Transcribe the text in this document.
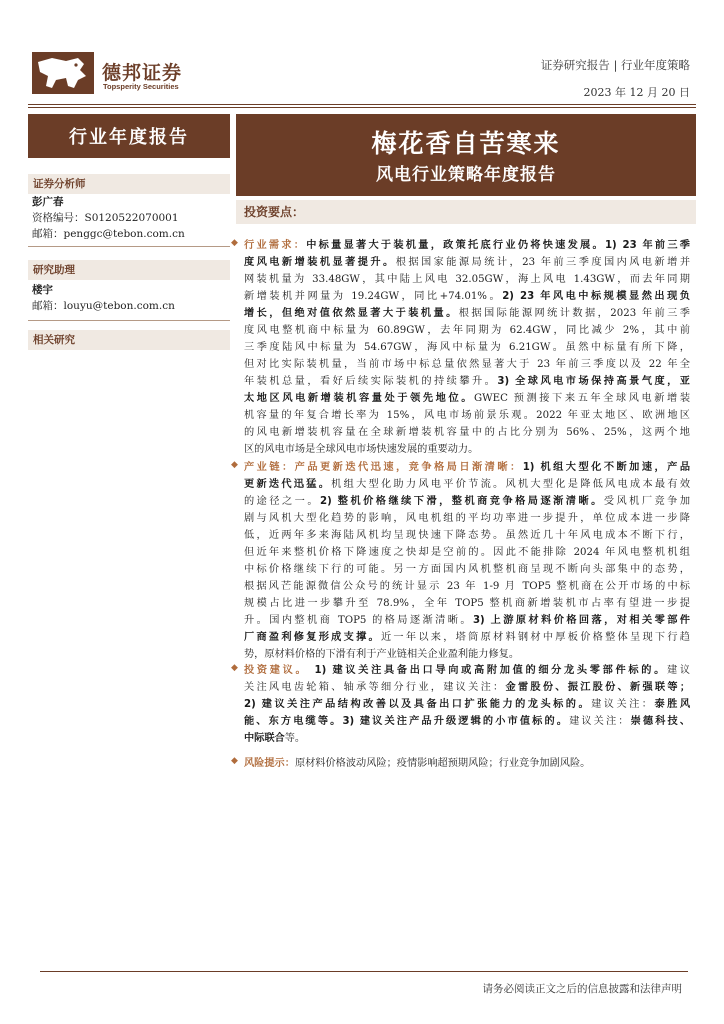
德邦证券
Topsperity Securities
证券研究报告 | 行业年度策略
2023 年 12 月 20 日
行业年度报告
证券分析师
彭广春
资格编号：S0120522070001
邮箱：penggc@tebon.com.cn
研究助理
楼宇
邮箱：louyu@tebon.com.cn
相关研究
梅花香自苦寒来
风电行业策略年度报告
投资要点：
◆ 行业需求：中标量显著大于装机量，政策托底行业仍将快速发展。1) 23 年前三季
度风电新增装机显著提升。根据国家能源局统计，23 年前三季度国内风电新增并
网装机量为 33.48GW，其中陆上风电 32.05GW，海上风电 1.43GW，而去年同期
新增装机并网量为 19.24GW，同比+74.01%。2) 23 年风电中标规模显然出现负
增长，但绝对值依然显著大于装机量。根据国际能源网统计数据，2023 年前三季
度风电整机商中标量为 60.89GW，去年同期为 62.4GW，同比减少 2%，其中前
三季度陆风中标量为 54.67GW，海风中标量为 6.21GW。虽然中标量有所下降，
但对比实际装机量，当前市场中标总量依然显著大于 23 年前三季度以及 22 年全
年装机总量，看好后续实际装机的持续攀升。3) 全球风电市场保持高景气度，亚
太地区风电新增装机容量处于领先地位。GWEC 预测接下来五年全球风电新增装
机容量的年复合增长率为 15%，风电市场前景乐观。2022 年亚太地区、欧洲地区
的风电新增装机容量在全球新增装机容量中的占比分别为 56%、25%，这两个地
区的风电市场是全球风电市场快速发展的重要动力。
◆ 产业链：产品更新迭代迅速，竞争格局日渐清晰：1) 机组大型化不断加速，产品
更新迭代迅猛。机组大型化助力风电平价节流。风机大型化是降低风电成本最有效
的途径之一。2) 整机价格继续下滑，整机商竞争格局逐渐清晰。受风机厂竞争加
剧与风机大型化趋势的影响，风电机组的平均功率进一步提升，单位成本进一步降
低，近两年多来海陆风机均呈现快速下降态势。虽然近几十年风电成本不断下行，
但近年来整机价格下降速度之快却是空前的。因此不能排除 2024 年风电整机机组
中标价格继续下行的可能。另一方面国内风机整机商呈现不断向头部集中的态势，
根据风芒能源微信公众号的统计显示 23 年 1-9 月 TOP5 整机商在公开市场的中标
规模占比进一步攀升至 78.9%，全年 TOP5 整机商新增装机市占率有望进一步提
升。国内整机商 TOP5 的格局逐渐清晰。3) 上游原材料价格回落，对相关零部件
厂商盈利修复形成支撑。近一年以来，塔筒原材料钢材中厚板价格整体呈现下行趋
势，原材料价格的下滑有利于产业链相关企业盈利能力修复。
◆ 投资建议。 1) 建议关注具备出口导向或高附加值的细分龙头零部件标的。建议
关注风电齿轮箱、轴承等细分行业，建议关注：金雷股份、振江股份、新强联等；
2) 建议关注产品结构改善以及具备出口扩张能力的龙头标的。建议关注：泰胜风
能、东方电缆等。3) 建议关注产品升级逻辑的小市值标的。建议关注：崇德科技、
中际联合等。
◆ 风险提示：原材料价格波动风险；疫情影响超预期风险；行业竞争加剧风险。
请务必阅读正文之后的信息披露和法律声明
